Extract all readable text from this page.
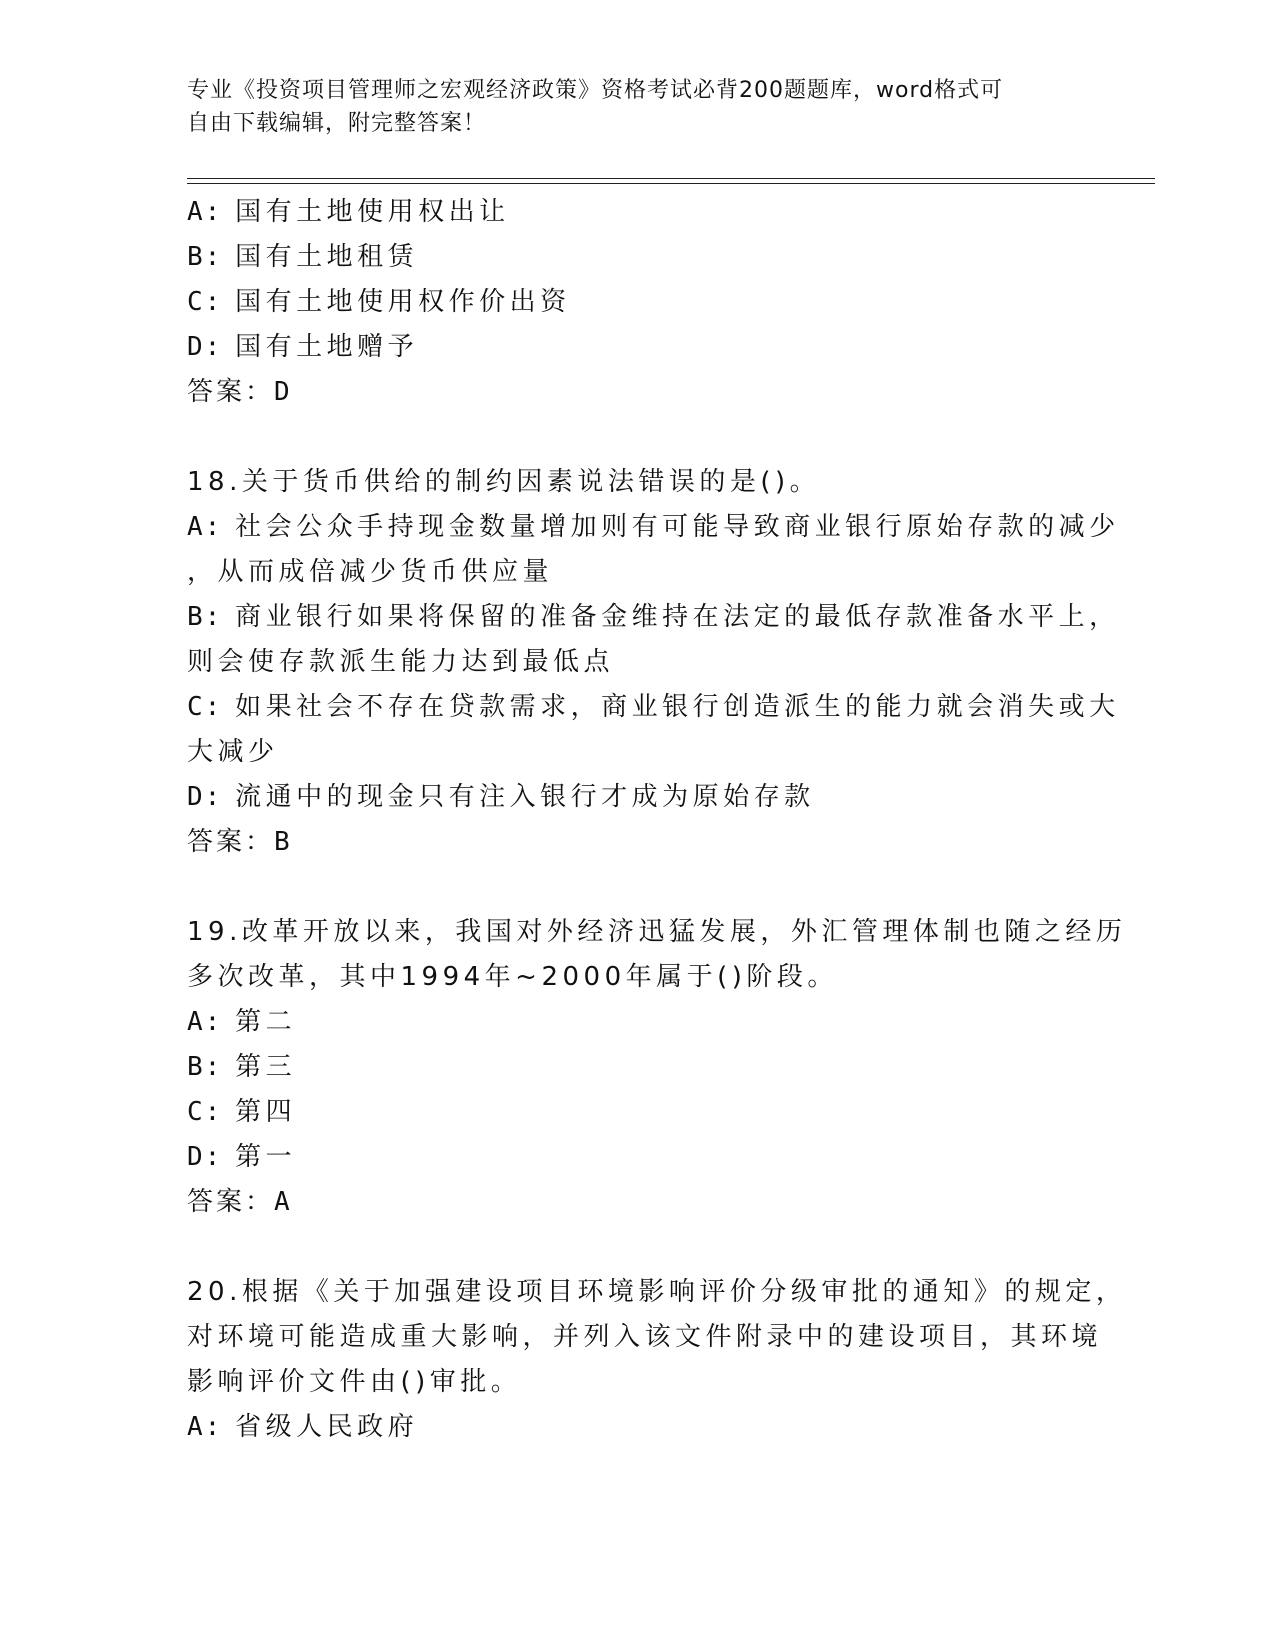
专业《投资项目管理师之宏观经济政策》资格考试必背200题题库，word格式可
自由下载编辑，附完整答案！
A: 国有土地使用权出让
B: 国有土地租赁
C: 国有土地使用权作价出资
D: 国有土地赠予
答案：D
18.关于货币供给的制约因素说法错误的是()。
A: 社会公众手持现金数量增加则有可能导致商业银行原始存款的减少
，从而成倍减少货币供应量
B: 商业银行如果将保留的准备金维持在法定的最低存款准备水平上，
则会使存款派生能力达到最低点
C: 如果社会不存在贷款需求，商业银行创造派生的能力就会消失或大
大减少
D: 流通中的现金只有注入银行才成为原始存款
答案：B
19.改革开放以来，我国对外经济迅猛发展，外汇管理体制也随之经历
多次改革，其中1994年~2000年属于()阶段。
A: 第二
B: 第三
C: 第四
D: 第一
答案：A
20.根据《关于加强建设项目环境影响评价分级审批的通知》的规定，
对环境可能造成重大影响，并列入该文件附录中的建设项目，其环境
影响评价文件由()审批。
A: 省级人民政府
